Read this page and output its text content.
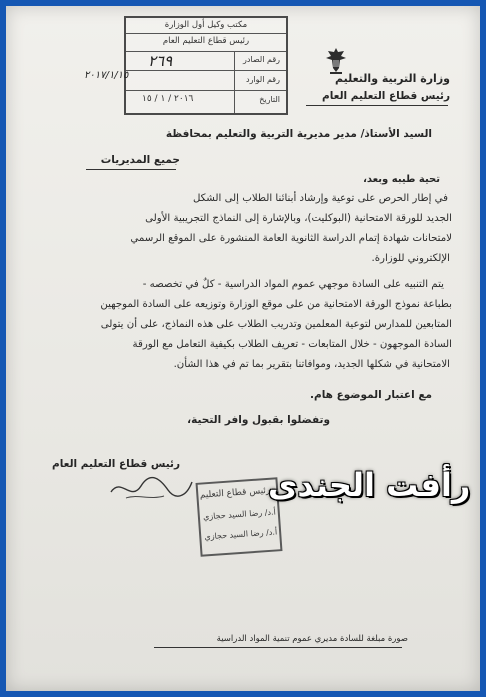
مكتب وكيل أول الوزارة
رئيس قطاع التعليم العام
رقم الصادر
٢٦٩
رقم الوارد
التاريخ
٢٠١٦ / ١ / ١٥
٢٠١٧/١/١٥	وزارة التربية والتعليم
رئيس قطاع التعليم العام
السيد الأستاذ/ مدير مديرية التربية والتعليم بمحافظة
جميع المديريات
تحية طيبه وبعد،
في إطار الحرص على توعية وإرشاد أبنائنا الطلاب إلى الشكل
الجديد للورقة الامتحانية (البوكليت)، وبالإشارة إلى النماذج التجريبية الأولى
لامتحانات شهادة إتمام الدراسة الثانوية العامة المنشورة على الموقع الرسمي
الإلكتروني للوزارة.
يتم التنبيه على السادة موجهي عموم المواد الدراسية - كلٌ في تخصصه -
بطباعة نموذج الورقة الامتحانية من على موقع الوزارة وتوزيعه على السادة الموجهين
المتابعين للمدارس لتوعية المعلمين وتدريب الطلاب على هذه النماذج، على أن يتولى
السادة الموجهون - خلال المتابعات - تعريف الطلاب بكيفية التعامل مع الورقة
الامتحانية في شكلها الجديد، وموافاتنا بتقرير بما تم في هذا الشأن.
مع اعتبار الموضوع هام.
وتفضلوا بقبول وافر التحية،
رئيس قطاع التعليم العام
رئيس قطاع التعليم
أ.د/ رضا السيد حجازي
أ.د/ رضا السيد حجازي
صورة مبلغة للسادة مديري عموم تنمية المواد الدراسية
رأفت الجندى
